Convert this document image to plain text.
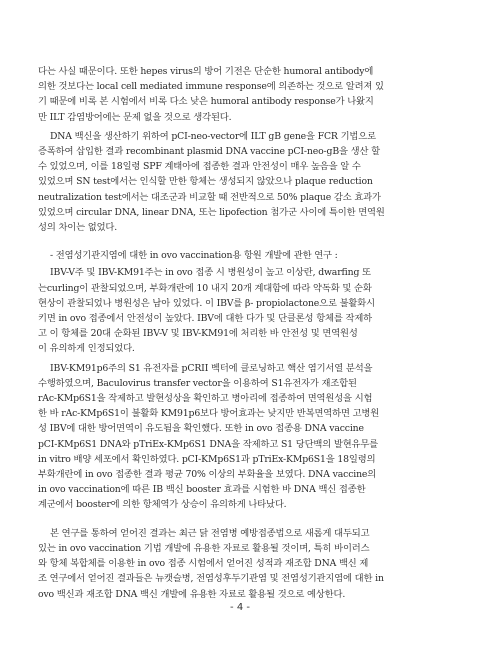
다는 사실 때문이다. 또한 hepes virus의 방어 기전은 단순한 humoral antibody에

의한 것보다는 local cell mediated immune response에 의존하는 것으로 알려져 있

기 때문에 비록 본 시험에서 비록 다소 낮은 humoral antibody response가 나왔지

만 ILT 감염방어에는 문제 없을 것으로 생각된다.

DNA 백신을 생산하기 위하여 pCI-neo-vector에 ILT gB gene을 FCR 기법으로

증폭하여 삽입한 결과 recombinant plasmid DNA vaccine pCI-neo-gB을 생산 할

수 있었으며, 이를 18일령 SPF 계태아에 접종한 결과 안전성이 매우 높음을 알 수

있었으며 SN test에서는 인식할 만한 항체는 생성되지 않았으나 plaque reduction

neutralization test에서는 대조군과 비교할 때 전반적으로 50% plaque 감소 효과가

있었으며 circular DNA, linear DNA, 또는 lipofection 첨가군 사이에 특이한 면역원

성의 차이는 없었다.

- 전염성기관지염에 대한 in ovo vaccination용 항원 개발에 관한 연구 :

IBV-V주 및 IBV-KM91주는 in ovo 접종 시 병원성이 높고 이상란, dwarfing 또

는curling이 관찰되었으며, 부화개란에 10 내지 20개 계대함에 따라 약독화 및 순화

현상이 관찰되었나 병원성은 남아 있었다. 이 IBV를 β- propiolactone으로 불활화시

키면 in ovo 접종에서 안전성이 높았다. IBV에 대한 다가 및 단클론성 항체를 작제하

고 이 항체를 20대 순화된 IBV-V 및 IBV-KM91에 처리한 바 안전성 및 면역원성

이 유의하게 인정되었다.

IBV-KM91p6주의 S1 유전자를 pCRII 벡터에 클로닝하고 핵산 염기서열 분석을

수행하였으며, Baculovirus transfer vector을 이용하여 S1유전자가 재조합된

rAc-KMp6S1을 작제하고 발현성상을 확인하고 병아리에 접종하여 면역원성을 시험

한 바 rAc-KMp6S1이 불활화 KM91p6보다 방어효과는 낮지만 반복면역하면 고병원

성 IBV에 대한 방어면역이 유도됨을 확인했다. 또한 in ovo 접종용 DNA vaccine

pCI-KMp6S1 DNA와 pTriEx-KMp6S1 DNA을 작제하고 S1 당단백의 발현유무를

in vitro 배양 세포에서 확인하였다. pCI-KMp6S1과 pTriEx-KMp6S1을 18일령의

부화개란에 in ovo 접종한 결과 평균 70% 이상의 부화율을 보였다. DNA vaccine의

in ovo vaccination에 따른 IB 백신 booster 효과를 시험한 바 DNA 백신 접종한

계군에서 booster에 의한 항체역가 상승이 유의하게 나타났다.

본 연구를 통하여 얻어진 결과는 최근 닭 전염병 예방접종법으로 새롭게 대두되고

있는 in ovo vaccination 기법 개발에 유용한 자료로 활용될 것이며, 특히 바이러스

와 항체 복합체를 이용한 in ovo 접종 시험에서 얻어진 성적과 재조합 DNA 백신 제

조 연구에서 얻어진 결과들은 뉴캣슬병, 전염성후두기관염 및 전염성기관지염에 대한 in

ovo 백신과 재조합 DNA 백신 개발에 유용한 자료로 활용될 것으로 예상한다.

- 4 -
